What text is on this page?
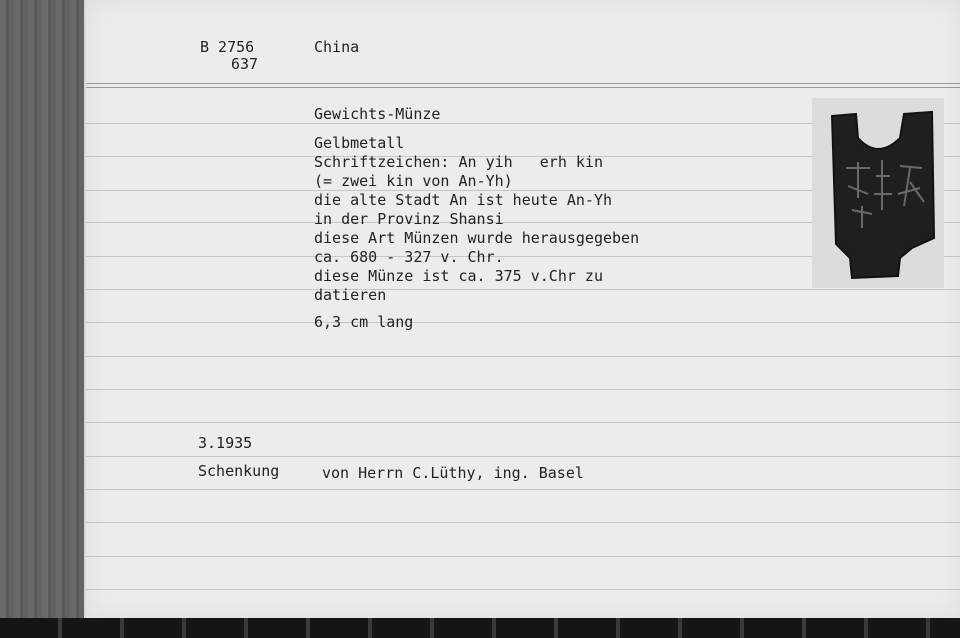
B 2756
637
China
Gewichts-Münze
Gelbmetall
Schriftzeichen: An yih   erh kin
(= zwei kin von An-Yh)
die alte Stadt An ist heute An-Yh
in der Provinz Shansi
diese Art Münzen wurde herausgegeben
ca. 680 - 327 v. Chr.
diese Münze ist ca. 375 v.Chr zu
datieren
6,3 cm lang
3.1935
Schenkung	von Herrn C.Lüthy, ing. Basel
